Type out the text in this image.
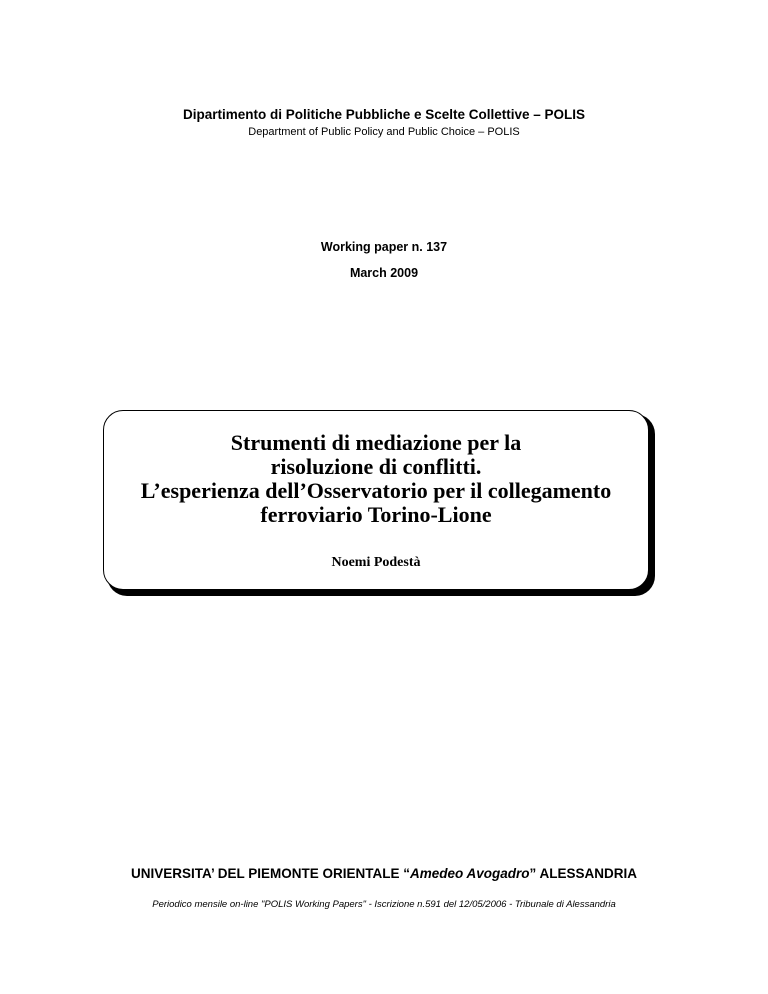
Dipartimento di Politiche Pubbliche e Scelte Collettive – POLIS
Department of Public Policy and Public Choice – POLIS
Working paper n. 137
March 2009
Strumenti di mediazione per la
risoluzione di conflitti.
L’esperienza dell’Osservatorio per il collegamento
ferroviario Torino-Lione
Noemi Podestà
UNIVERSITA’ DEL PIEMONTE ORIENTALE “Amedeo Avogadro” ALESSANDRIA
Periodico mensile on-line "POLIS Working Papers" - Iscrizione n.591 del 12/05/2006 - Tribunale di Alessandria
